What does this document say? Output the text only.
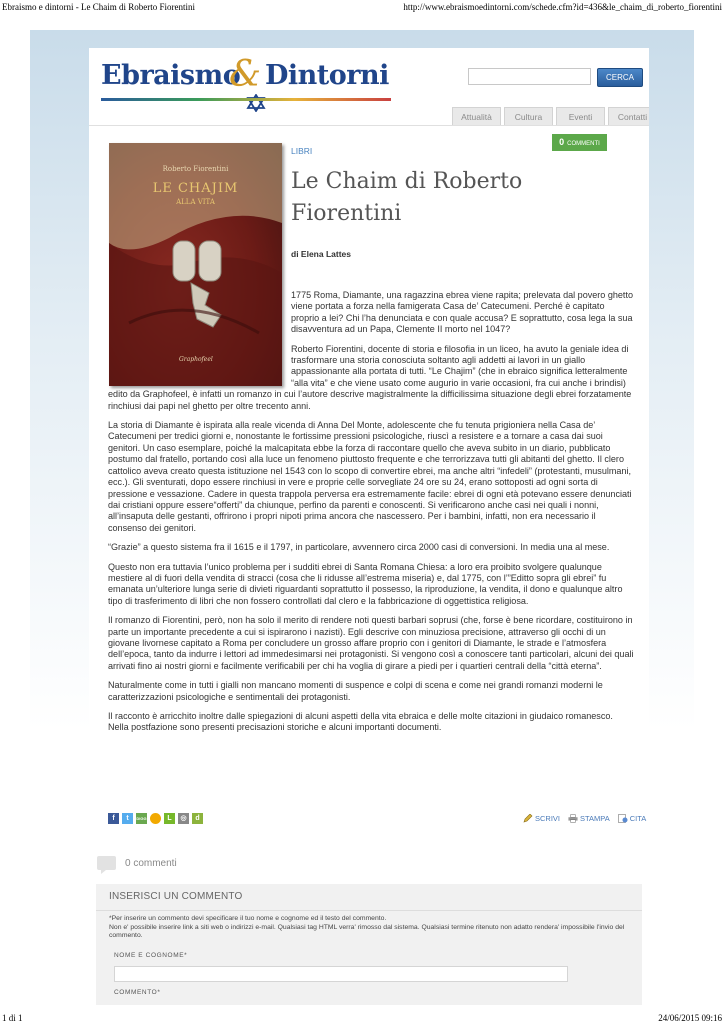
Ebraismo e dintorni - Le Chaim di Roberto Fiorentini	http://www.ebraismoedintorni.com/schede.cfm?id=436&le_chaim_di_roberto_fiorentini
Ebraismo
& Dintorni	CERCA
Attualità	Cultura	Eventi	Contatti
0 COMMENTI
Roberto Fiorentini
LE CHAJIM
ALLA VITA
Graphofeel
LIBRI
Le Chaim di Roberto Fiorentini
di Elena Lattes

1775 Roma, Diamante, una ragazzina ebrea viene rapita; prelevata dal povero ghetto viene portata a forza nella famigerata Casa de’ Catecumeni. Perché è capitato proprio a lei? Chi l’ha denunciata e con quale accusa? E soprattutto, cosa lega la sua disavventura ad un Papa, Clemente II morto nel 1047?

Roberto Fiorentini, docente di storia e filosofia in un liceo, ha avuto la geniale idea di trasformare una storia conosciuta soltanto agli addetti ai lavori in un giallo appassionante alla portata di tutti. “Le Chajim” (che in ebraico significa letteralmente “alla vita” e che viene usato come augurio in varie occasioni, fra cui anche i brindisi) edito da Graphofeel, è infatti un romanzo in cui l’autore descrive magistralmente la difficilissima situazione degli ebrei forzatamente rinchiusi dai papi nel ghetto per oltre trecento anni.

La storia di Diamante è ispirata alla reale vicenda di Anna Del Monte, adolescente che fu tenuta prigioniera nella Casa de’ Catecumeni per tredici giorni e, nonostante le fortissime pressioni psicologiche, riuscì a resistere e a tornare a casa dai suoi genitori. Un caso esemplare, poiché la malcapitata ebbe la forza di raccontare quello che aveva subito in un diario, pubblicato postumo dal fratello, portando così alla luce un fenomeno piuttosto frequente e che terrorizzava tutti gli abitanti del ghetto. Il clero cattolico aveva creato questa istituzione nel 1543 con lo scopo di convertire ebrei, ma anche altri “infedeli” (protestanti, musulmani, ecc.). Gli sventurati, dopo essere rinchiusi in vere e proprie celle sorvegliate 24 ore su 24, erano sottoposti ad ogni sorta di pressione e vessazione. Cadere in questa trappola perversa era estremamente facile: ebrei di ogni età potevano essere denunciati dai cristiani oppure essere“offerti” da chiunque, perfino da parenti e conoscenti. Si verificarono anche casi nei quali i nonni, all’insaputa delle gestanti, offrirono i propri nipoti prima ancora che nascessero. Per i bambini, infatti, non era necessario il consenso dei genitori.

“Grazie” a questo sistema fra il 1615 e il 1797, in particolare, avvennero circa 2000 casi di conversioni. In media una al mese.

Questo non era tuttavia l’unico problema per i sudditi ebrei di Santa Romana Chiesa: a loro era proibito svolgere qualunque mestiere al di fuori della vendita di stracci (cosa che li ridusse all’estrema miseria) e, dal 1775, con l’”Editto sopra gli ebrei” fu emanata un’ulteriore lunga serie di divieti riguardanti soprattutto il possesso, la riproduzione, la vendita, il dono e qualunque altro tipo di trasferimento di libri che non fossero controllati dal clero e la fabbricazione di oggettistica religiosa.

Il romanzo di Fiorentini, però, non ha solo il merito di rendere noti questi barbari soprusi (che, forse è bene ricordare, costituirono in parte un importante precedente a cui si ispirarono i nazisti). Egli descrive con minuziosa precisione, attraverso gli occhi di un giovane livornese capitato a Roma per concludere un grosso affare proprio con i genitori di Diamante, le strade e l’atmosfera dell’epoca, tanto da indurre i lettori ad immedesimarsi nei protagonisti. Si vengono così a conoscere tanti particolari, alcuni dei quali arrivati fino ai nostri giorni e facilmente verificabili per chi ha voglia di girare a piedi per i quartieri centrali della “città eterna”.

Naturalmente come in tutti i gialli non mancano momenti di suspence e colpi di scena e come nei grandi romanzi moderni le caratterizzazioni psicologiche e sentimentali dei protagonisti.

Il racconto è arricchito inoltre dalle spiegazioni di alcuni aspetti della vita ebraica e delle molte citazioni in giudaico romanesco. Nella postfazione sono presenti precisazioni storiche e alcuni importanti documenti.

f	t	DIGG	L	◎	d	SCRIVI	STAMPA	CITA
0 commenti
INSERISCI UN COMMENTO

*Per inserire un commento devi specificare il tuo nome e cognome ed il testo del commento.

Non e' possibile inserire link a siti web o indirizzi e-mail. Qualsiasi tag HTML verra' rimosso dal sistema. Qualsiasi termine ritenuto non adatto rendera' impossibile l'invio del commento.

NOME E COGNOME*
COMMENTO*
1 di 1	24/06/2015 09:16
